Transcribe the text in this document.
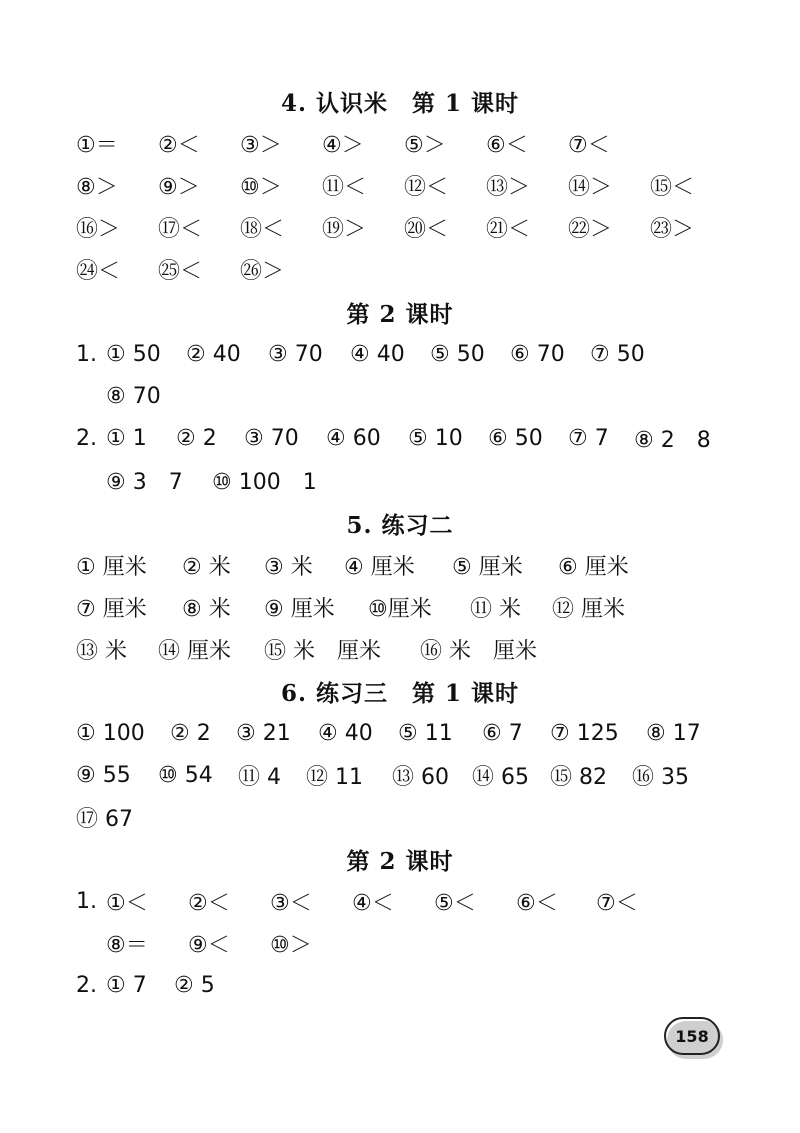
4. 认识米　第 1 课时
①＝ ②＜ ③＞ ④＞ ⑤＞ ⑥＜ ⑦＜
⑧＞ ⑨＞ ⑩＞ ⑪＜ ⑫＜ ⑬＞ ⑭＞ ⑮＜
⑯＞ ⑰＜ ⑱＜ ⑲＞ ⑳＜ ㉑＜ ㉒＞ ㉓＞
㉔＜ ㉕＜ ㉖＞
第 2 课时
1. ① 50 ② 40 ③ 70 ④ 40 ⑤ 50 ⑥ 70 ⑦ 50
⑧ 70
2. ① 1 ② 2 ③ 70 ④ 60 ⑤ 10 ⑥ 50 ⑦ 7 ⑧ 2　8
⑨ 3　7 ⑩ 100　1
5. 练习二
① 厘米 ② 米 ③ 米 ④ 厘米 ⑤ 厘米 ⑥ 厘米
⑦ 厘米 ⑧ 米 ⑨ 厘米 ⑩厘米 ⑪ 米 ⑫ 厘米
⑬ 米 ⑭ 厘米 ⑮ 米　厘米 ⑯ 米　厘米
6. 练习三　第 1 课时
① 100 ② 2 ③ 21 ④ 40 ⑤ 11 ⑥ 7 ⑦ 125 ⑧ 17
⑨ 55 ⑩ 54 ⑪ 4 ⑫ 11 ⑬ 60 ⑭ 65 ⑮ 82 ⑯ 35
⑰ 67
第 2 课时
1. ①＜ ②＜ ③＜ ④＜ ⑤＜ ⑥＜ ⑦＜
⑧＝ ⑨＜ ⑩＞
2. ① 7 ② 5
158
